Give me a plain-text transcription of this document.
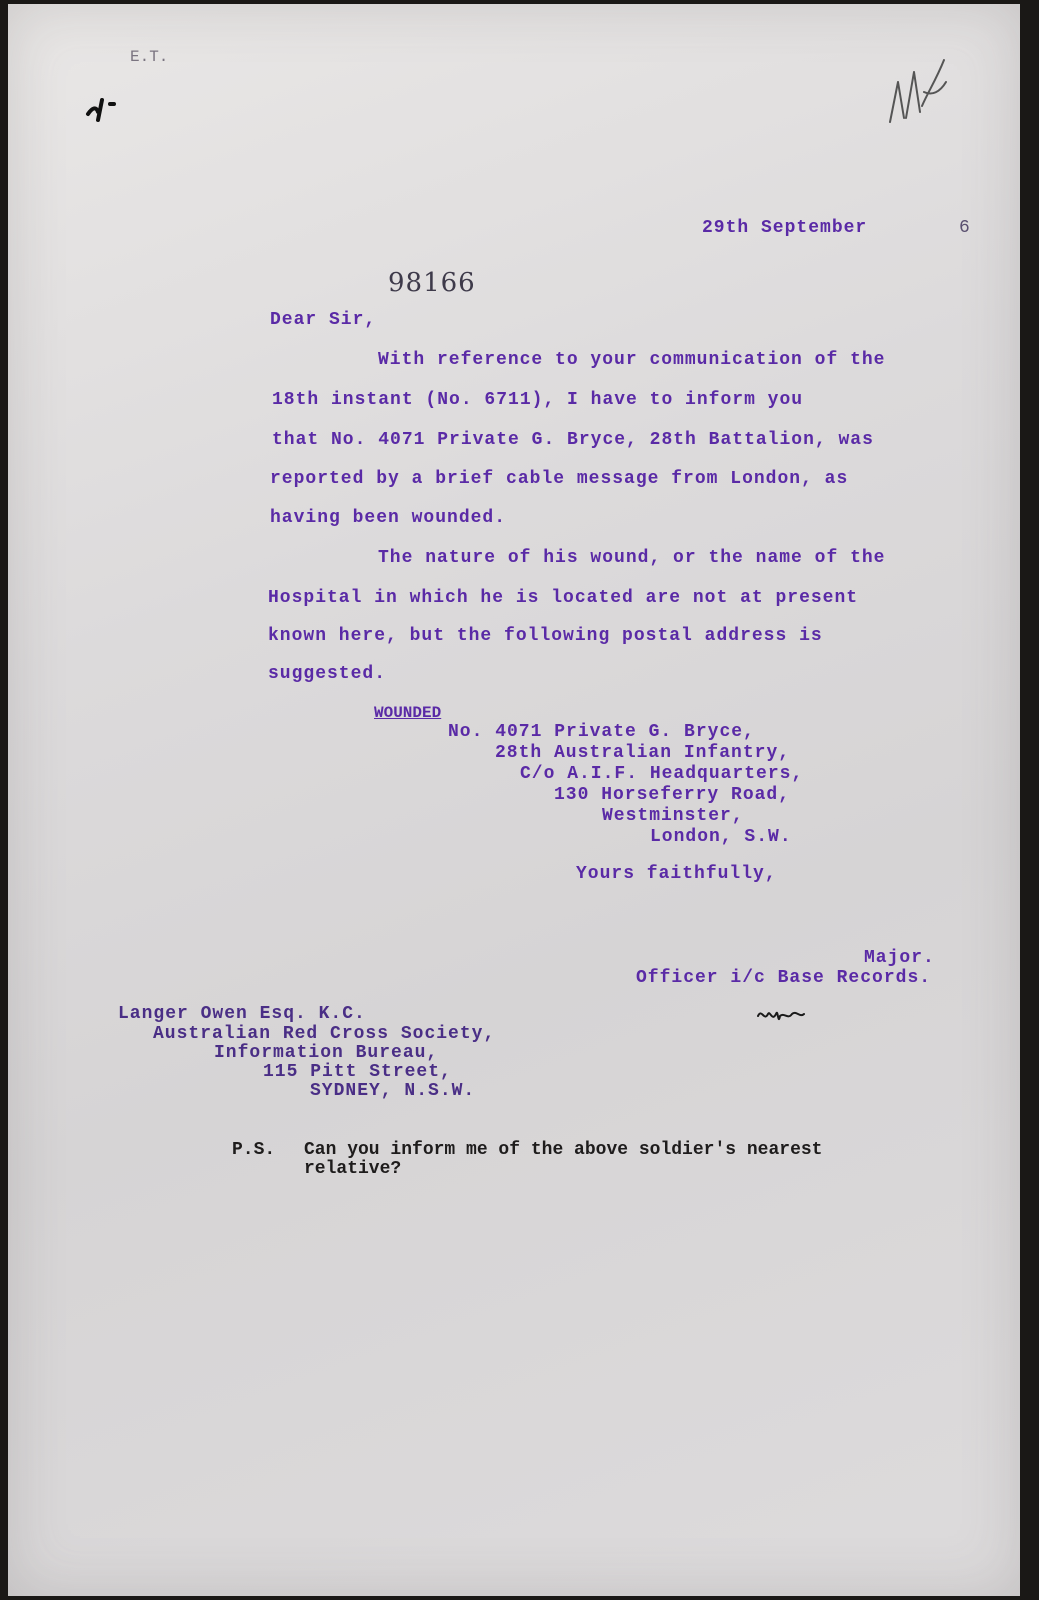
E.T.
29th September	6
98166
Dear Sir,
With reference to your communication of the
18th instant (No. 6711), I have to inform you
that No. 4071 Private G. Bryce, 28th Battalion, was
reported by a brief cable message from London, as
having been wounded.
The nature of his wound, or the name of the
Hospital in which he is located are not at present
known here, but the following postal address is
suggested.
WOUNDED
No. 4071 Private G. Bryce,
28th Australian Infantry,
C/o A.I.F. Headquarters,
130 Horseferry Road,
Westminster,
London, S.W.
Yours faithfully,
Major.
Officer i/c Base Records.
Langer Owen Esq. K.C.
Australian Red Cross Society,
Information Bureau,
115 Pitt Street,
SYDNEY, N.S.W.
P.S. Can you inform me of the above soldier's nearest
relative?
